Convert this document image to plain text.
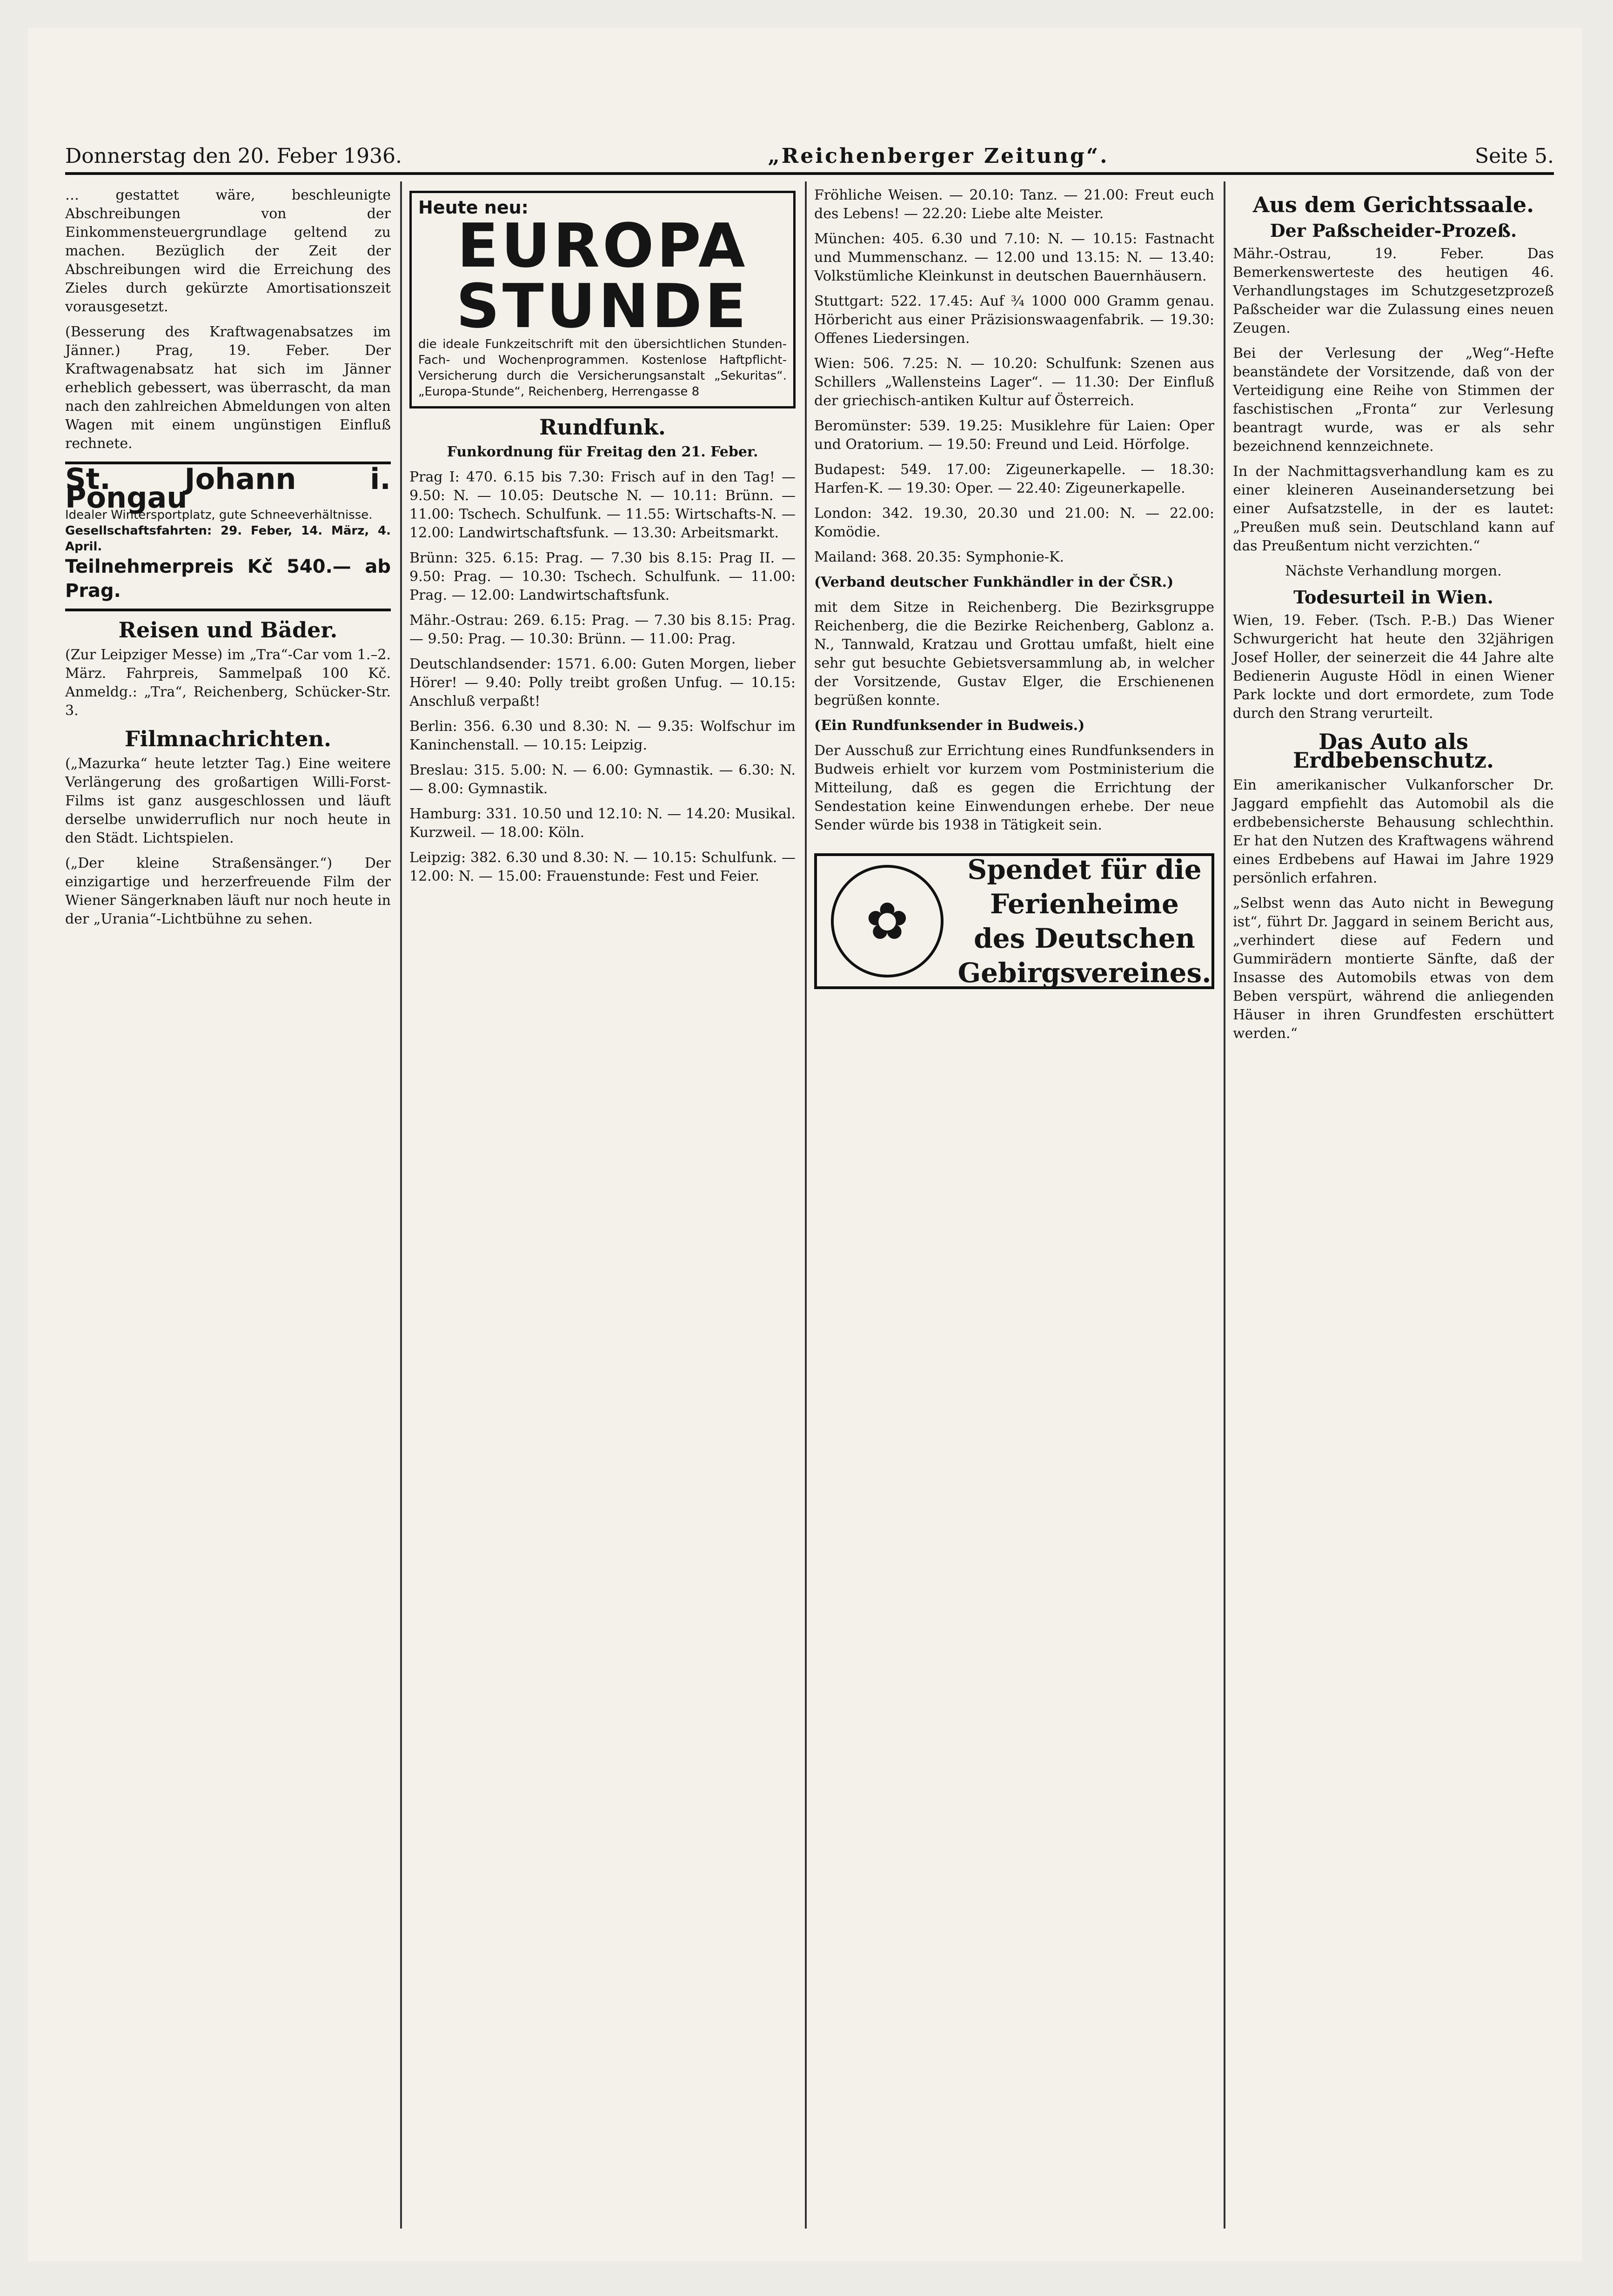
Donnerstag den 20. Feber 1936.	„Reichenberger Zeitung“.	Seite 5.

… gestattet wäre, beschleunigte Abschreibungen von der Einkommensteuergrundlage geltend zu machen. Bezüglich der Zeit der Abschreibungen wird die Erreichung des Zieles durch gekürzte Amortisationszeit vorausgesetzt.

(Besserung des Kraftwagenabsatzes im Jänner.) Prag, 19. Feber. Der Kraftwagenabsatz hat sich im Jänner erheblich gebessert, was überrascht, da man nach den zahlreichen Abmeldungen von alten Wagen mit einem ungünstigen Einfluß rechnete.

St. Johann i. Pongau
Idealer Wintersportplatz, gute Schneeverhältnisse.
Gesellschaftsfahrten: 29. Feber, 14. März, 4. April.
Teilnehmerpreis Kč 540.— ab Prag.
Reisen und Bäder.

(Zur Leipziger Messe) im „Tra“-Car vom 1.–2. März. Fahrpreis, Sammelpaß 100 Kč. Anmeldg.: „Tra“, Reichenberg, Schücker-Str. 3.

Filmnachrichten.

(„Mazurka“ heute letzter Tag.) Eine weitere Verlängerung des großartigen Willi-Forst-Films ist ganz ausgeschlossen und läuft derselbe unwiderruflich nur noch heute in den Städt. Lichtspielen.

(„Der kleine Straßensänger.“) Der einzigartige und herzerfreuende Film der Wiener Sängerknaben läuft nur noch heute in der „Urania“-Lichtbühne zu sehen.

Heute neu:
EUROPA
STUNDE
die ideale Funkzeitschrift mit den übersichtlichen Stunden-Fach- und Wochenprogrammen. Kostenlose Haftpflicht-Versicherung durch die Versicherungsanstalt „Sekuritas“. „Europa-Stunde“, Reichenberg, Herrengasse 8
Rundfunk.

Funkordnung für Freitag den 21. Feber.

Prag I: 470. 6.15 bis 7.30: Frisch auf in den Tag! — 9.50: N. — 10.05: Deutsche N. — 10.11: Brünn. — 11.00: Tschech. Schulfunk. — 11.55: Wirtschafts-N. — 12.00: Landwirtschaftsfunk. — 13.30: Arbeitsmarkt.

Brünn: 325. 6.15: Prag. — 7.30 bis 8.15: Prag II. — 9.50: Prag. — 10.30: Tschech. Schulfunk. — 11.00: Prag. — 12.00: Landwirtschaftsfunk.

Mähr.-Ostrau: 269. 6.15: Prag. — 7.30 bis 8.15: Prag. — 9.50: Prag. — 10.30: Brünn. — 11.00: Prag.

Deutschlandsender: 1571. 6.00: Guten Morgen, lieber Hörer! — 9.40: Polly treibt großen Unfug. — 10.15: Anschluß verpaßt!

Berlin: 356. 6.30 und 8.30: N. — 9.35: Wolfschur im Kaninchenstall. — 10.15: Leipzig.

Breslau: 315. 5.00: N. — 6.00: Gymnastik. — 6.30: N. — 8.00: Gymnastik.

Hamburg: 331. 10.50 und 12.10: N. — 14.20: Musikal. Kurzweil. — 18.00: Köln.

Leipzig: 382. 6.30 und 8.30: N. — 10.15: Schulfunk. — 12.00: N. — 15.00: Frauenstunde: Fest und Feier.

Fröhliche Weisen. — 20.10: Tanz. — 21.00: Freut euch des Lebens! — 22.20: Liebe alte Meister.

München: 405. 6.30 und 7.10: N. — 10.15: Fastnacht und Mummenschanz. — 12.00 und 13.15: N. — 13.40: Volkstümliche Kleinkunst in deutschen Bauernhäusern.

Stuttgart: 522. 17.45: Auf ¾ 1000 000 Gramm genau. Hörbericht aus einer Präzisionswaagenfabrik. — 19.30: Offenes Liedersingen.

Wien: 506. 7.25: N. — 10.20: Schulfunk: Szenen aus Schillers „Wallensteins Lager“. — 11.30: Der Einfluß der griechisch-antiken Kultur auf Österreich.

Beromünster: 539. 19.25: Musiklehre für Laien: Oper und Oratorium. — 19.50: Freund und Leid. Hörfolge.

Budapest: 549. 17.00: Zigeunerkapelle. — 18.30: Harfen-K. — 19.30: Oper. — 22.40: Zigeunerkapelle.

London: 342. 19.30, 20.30 und 21.00: N. — 22.00: Komödie.

Mailand: 368. 20.35: Symphonie-K.

(Verband deutscher Funkhändler in der ČSR.)

mit dem Sitze in Reichenberg. Die Bezirksgruppe Reichenberg, die die Bezirke Reichenberg, Gablonz a. N., Tannwald, Kratzau und Grottau umfaßt, hielt eine sehr gut besuchte Gebietsversammlung ab, in welcher der Vorsitzende, Gustav Elger, die Erschienenen begrüßen konnte.

(Ein Rundfunksender in Budweis.)

Der Ausschuß zur Errichtung eines Rundfunksenders in Budweis erhielt vor kurzem vom Postministerium die Mitteilung, daß es gegen die Errichtung der Sendestation keine Einwendungen erhebe. Der neue Sender würde bis 1938 in Tätigkeit sein.

✿
Spendet für die
Ferienheime
des Deutschen
Gebirgsvereines.
Aus dem Gerichtssaale.
Der Paßscheider-Prozeß.

Mähr.-Ostrau, 19. Feber. Das Bemerkenswerteste des heutigen 46. Verhandlungstages im Schutzgesetzprozeß Paßscheider war die Zulassung eines neuen Zeugen.

Bei der Verlesung der „Weg“-Hefte beanständete der Vorsitzende, daß von der Verteidigung eine Reihe von Stimmen der faschistischen „Fronta“ zur Verlesung beantragt wurde, was er als sehr bezeichnend kennzeichnete.

In der Nachmittagsverhandlung kam es zu einer kleineren Auseinandersetzung bei einer Aufsatzstelle, in der es lautet: „Preußen muß sein. Deutschland kann auf das Preußentum nicht verzichten.“

Nächste Verhandlung morgen.

Todesurteil in Wien.

Wien, 19. Feber. (Tsch. P.-B.) Das Wiener Schwurgericht hat heute den 32jährigen Josef Holler, der seinerzeit die 44 Jahre alte Bedienerin Auguste Hödl in einen Wiener Park lockte und dort ermordete, zum Tode durch den Strang verurteilt.

Das Auto als Erdbebenschutz.

Ein amerikanischer Vulkanforscher Dr. Jaggard empfiehlt das Automobil als die erdbebensicherste Behausung schlechthin. Er hat den Nutzen des Kraftwagens während eines Erdbebens auf Hawai im Jahre 1929 persönlich erfahren.

„Selbst wenn das Auto nicht in Bewegung ist“, führt Dr. Jaggard in seinem Bericht aus, „verhindert diese auf Federn und Gummirädern montierte Sänfte, daß der Insasse des Automobils etwas von dem Beben verspürt, während die anliegenden Häuser in ihren Grundfesten erschüttert werden.“
